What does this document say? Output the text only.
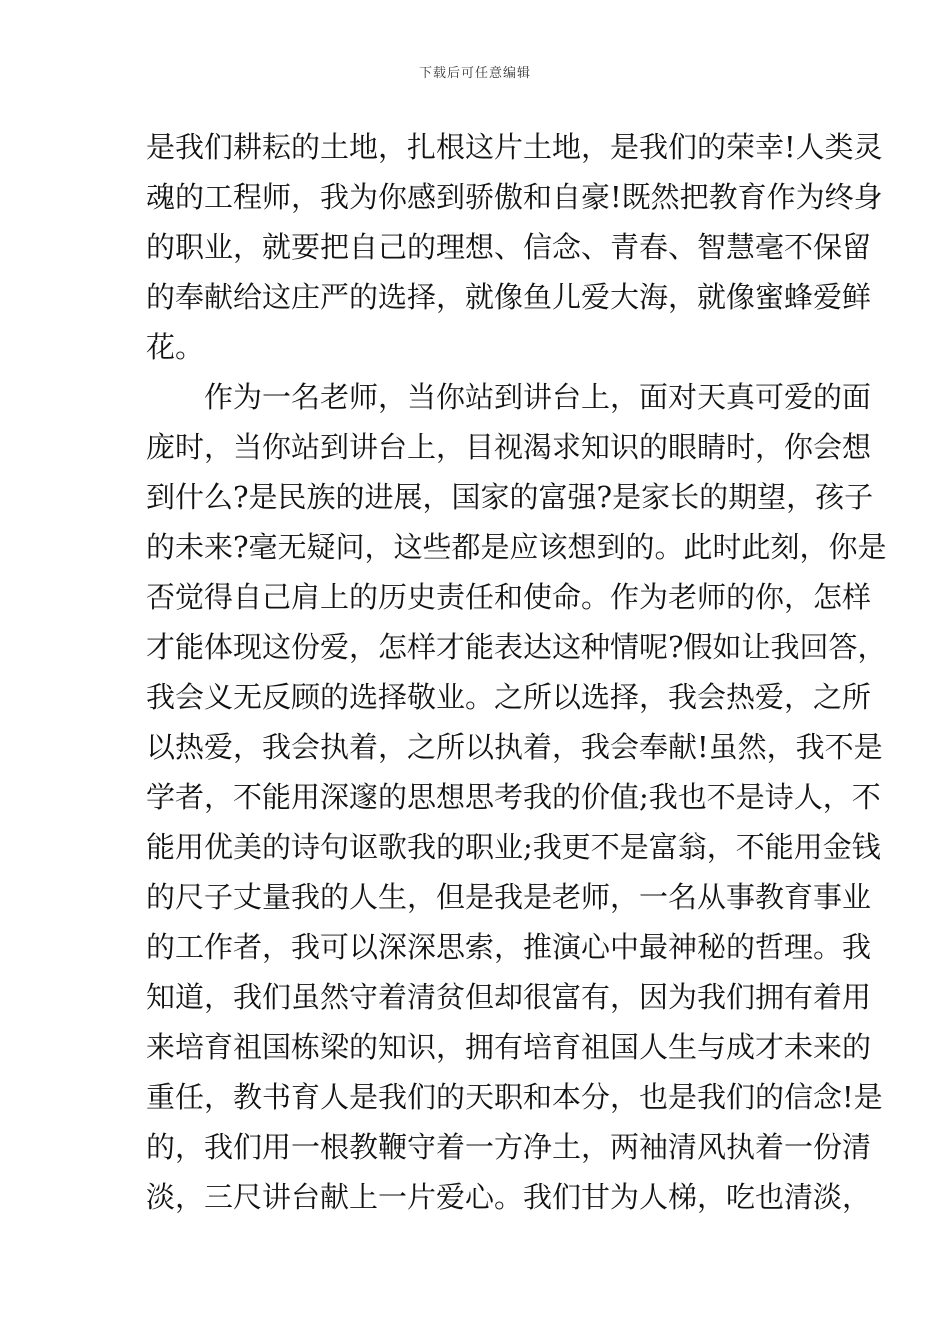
下载后可任意编辑
是我们耕耘的土地，扎根这片土地，是我们的荣幸!人类灵
魂的工程师，我为你感到骄傲和自豪!既然把教育作为终身
的职业，就要把自己的理想、信念、青春、智慧毫不保留
的奉献给这庄严的选择，就像鱼儿爱大海，就像蜜蜂爱鲜
花。
作为一名老师，当你站到讲台上，面对天真可爱的面
庞时，当你站到讲台上，目视渴求知识的眼睛时，你会想
到什么?是民族的进展，国家的富强?是家长的期望，孩子
的未来?毫无疑问，这些都是应该想到的。此时此刻，你是
否觉得自己肩上的历史责任和使命。作为老师的你，怎样
才能体现这份爱，怎样才能表达这种情呢?假如让我回答，
我会义无反顾的选择敬业。之所以选择，我会热爱，之所
以热爱，我会执着，之所以执着，我会奉献!虽然，我不是
学者，不能用深邃的思想思考我的价值;我也不是诗人，不
能用优美的诗句讴歌我的职业;我更不是富翁，不能用金钱
的尺子丈量我的人生，但是我是老师，一名从事教育事业
的工作者，我可以深深思索，推演心中最神秘的哲理。我
知道，我们虽然守着清贫但却很富有，因为我们拥有着用
来培育祖国栋梁的知识，拥有培育祖国人生与成才未来的
重任，教书育人是我们的天职和本分，也是我们的信念!是
的，我们用一根教鞭守着一方净土，两袖清风执着一份清
淡，三尺讲台献上一片爱心。我们甘为人梯，吃也清淡，
